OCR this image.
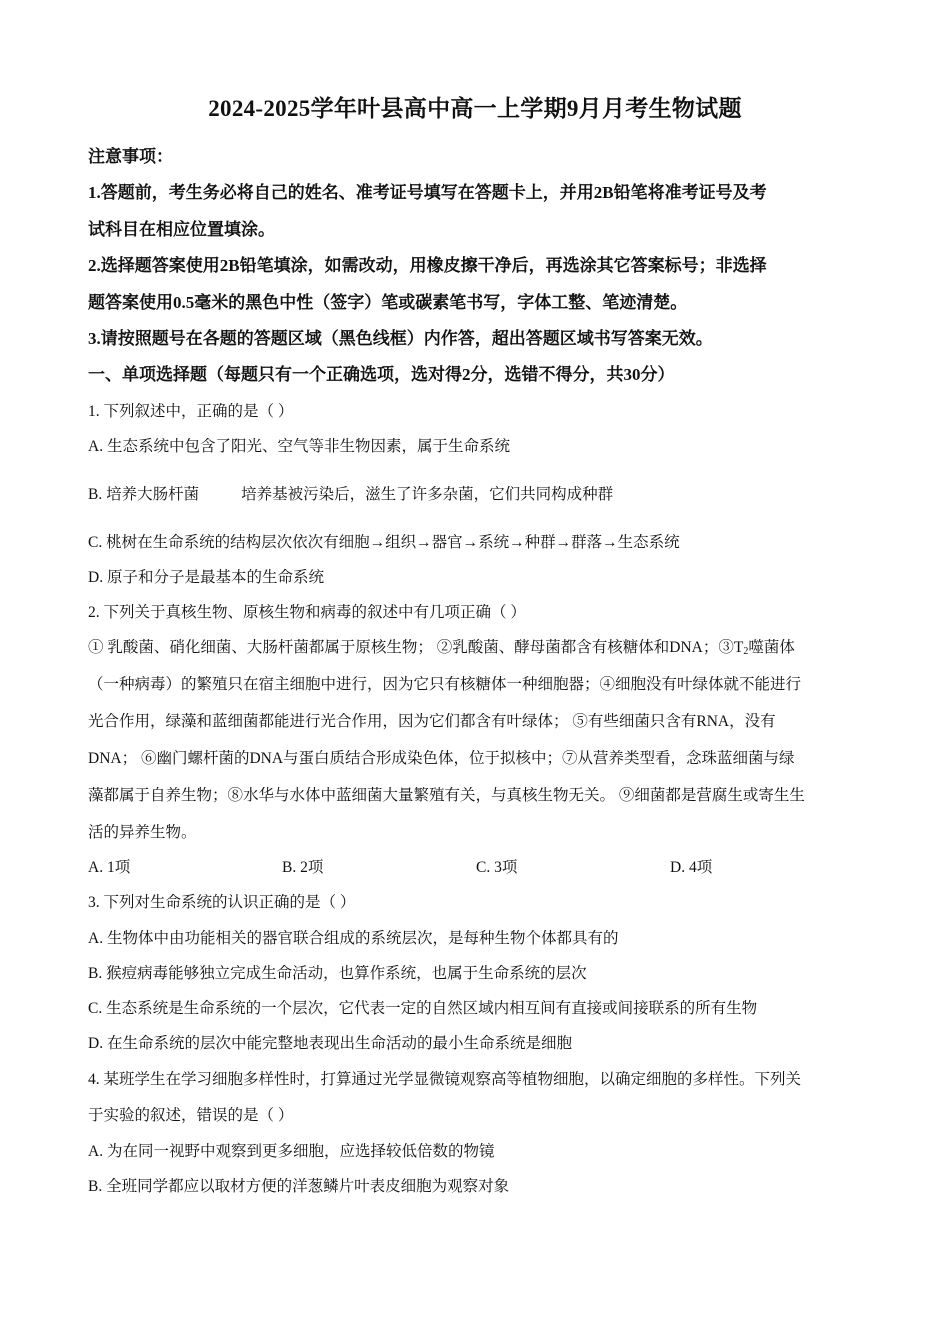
2024-2025学年叶县高中高一上学期9月月考生物试题
注意事项：
1.答题前，考生务必将自己的姓名、准考证号填写在答题卡上，并用2B铅笔将准考证号及考
试科目在相应位置填涂。
2.选择题答案使用2B铅笔填涂，如需改动，用橡皮擦干净后，再选涂其它答案标号；非选择
题答案使用0.5毫米的黑色中性（签字）笔或碳素笔书写，字体工整、笔迹清楚。
3.请按照题号在各题的答题区域（黑色线框）内作答，超出答题区域书写答案无效。
一、单项选择题（每题只有一个正确选项，选对得2分，选错不得分，共30分）
1. 下列叙述中，正确的是（ ）
A. 生态系统中包含了阳光、空气等非生物因素，属于生命系统
B. 培养大肠杆菌	培养基被污染后，滋生了许多杂菌，它们共同构成种群
C. 桃树在生命系统的结构层次依次有细胞→组织→器官→系统→种群→群落→生态系统
D. 原子和分子是最基本的生命系统
2. 下列关于真核生物、原核生物和病毒的叙述中有几项正确（ ）
① 乳酸菌、硝化细菌、大肠杆菌都属于原核生物； ②乳酸菌、酵母菌都含有核糖体和DNA；$③T_2$噬菌体
（一种病毒）的繁殖只在宿主细胞中进行，因为它只有核糖体一种细胞器；④细胞没有叶绿体就不能进行
光合作用，绿藻和蓝细菌都能进行光合作用，因为它们都含有叶绿体； ⑤有些细菌只含有RNA，没有
DNA； ⑥幽门螺杆菌的DNA与蛋白质结合形成染色体，位于拟核中；⑦从营养类型看，念珠蓝细菌与绿
藻都属于自养生物；⑧水华与水体中蓝细菌大量繁殖有关，与真核生物无关。 ⑨细菌都是营腐生或寄生生
活的异养生物。
A. 1项	B. 2项	C. 3项	D. 4项
3. 下列对生命系统的认识正确的是（ ）
A. 生物体中由功能相关的器官联合组成的系统层次，是每种生物个体都具有的
B. 猴痘病毒能够独立完成生命活动，也算作系统，也属于生命系统的层次
C. 生态系统是生命系统的一个层次，它代表一定的自然区域内相互间有直接或间接联系的所有生物
D. 在生命系统的层次中能完整地表现出生命活动的最小生命系统是细胞
4. 某班学生在学习细胞多样性时，打算通过光学显微镜观察高等植物细胞，以确定细胞的多样性。下列关
于实验的叙述，错误的是（ ）
A. 为在同一视野中观察到更多细胞，应选择较低倍数的物镜
B. 全班同学都应以取材方便的洋葱鳞片叶表皮细胞为观察对象
